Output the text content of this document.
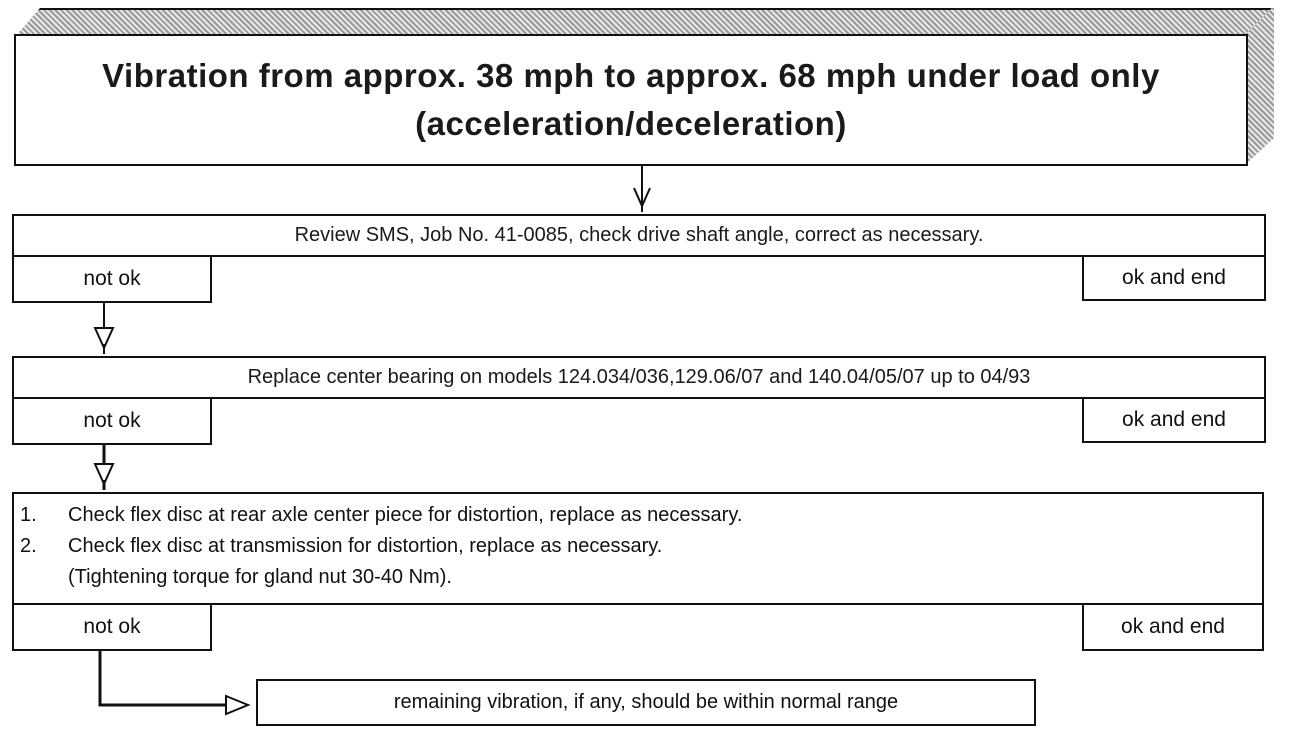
Vibration from approx. 38 mph to approx. 68 mph under load only
(acceleration/deceleration)
Review SMS, Job No. 41-0085, check drive shaft angle, correct as necessary.
not ok	ok and end
Replace center bearing on models 124.034/036,129.06/07 and 140.04/05/07 up to 04/93
not ok	ok and end
1.	Check flex disc at rear axle center piece for distortion, replace as necessary.
2.	Check flex disc at transmission for distortion, replace as necessary.
(Tightening torque for gland nut 30-40 Nm).
not ok	ok and end
remaining vibration, if any, should be within normal range
